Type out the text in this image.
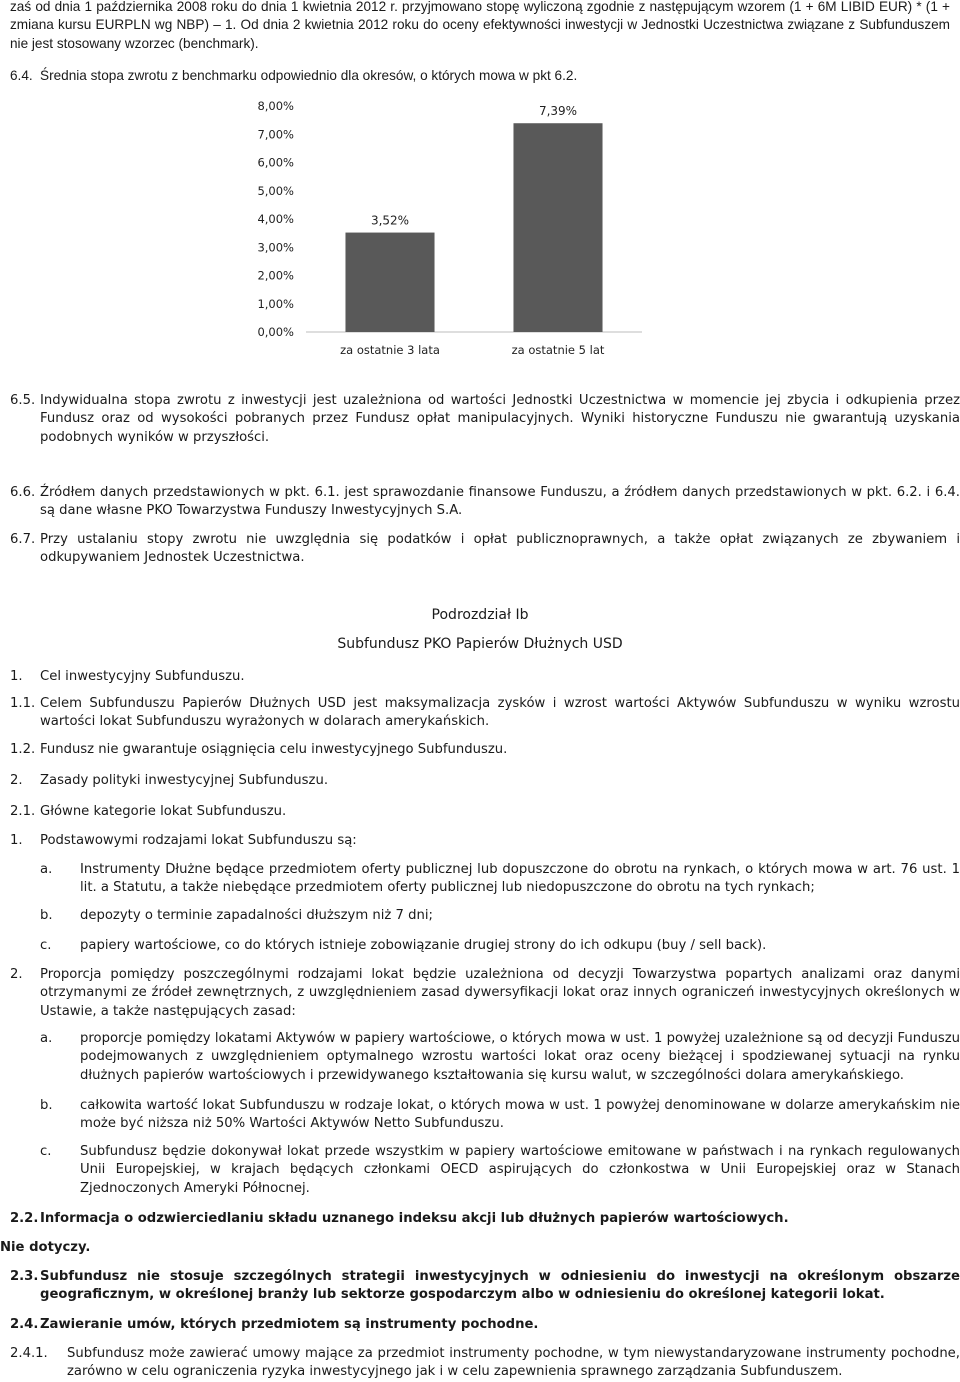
zaś od dnia 1 października 2008 roku do dnia 1 kwietnia 2012 r. przyjmowano stopę wyliczoną zgodnie z następującym wzorem (1 + 6M LIBID EUR) * (1 + zmiana kursu EURPLN wg NBP) – 1. Od dnia 2 kwietnia 2012 roku do oceny efektywności inwestycji w Jednostki Uczestnictwa związane z Subfunduszem nie jest stosowany wzorzec (benchmark).

6.4. Średnia stopa zwrotu z benchmarku odpowiednio dla okresów, o których mowa w pkt 6.2.
0,00%
1,00%
2,00%
3,00%
4,00%
5,00%
6,00%
7,00%
8,00%
3,52%
za ostatnie 3 lata
7,39%
za ostatnie 5 lat
6.5. Indywidualna stopa zwrotu z inwestycji jest uzależniona od wartości Jednostki Uczestnictwa w momencie jej zbycia i odkupienia przez Fundusz oraz od wysokości pobranych przez Fundusz opłat manipulacyjnych. Wyniki historyczne Funduszu nie gwarantują uzyskania podobnych wyników w przyszłości.

6.6. Źródłem danych przedstawionych w pkt. 6.1. jest sprawozdanie finansowe Funduszu, a źródłem danych przedstawionych w pkt. 6.2. i 6.4. są dane własne PKO Towarzystwa Funduszy Inwestycyjnych S.A.

6.7. Przy ustalaniu stopy zwrotu nie uwzględnia się podatków i opłat publicznoprawnych, a także opłat związanych ze zbywaniem i odkupywaniem Jednostek Uczestnictwa.

Podrozdział Ib
Subfundusz PKO Papierów Dłużnych USD
1. Cel inwestycyjny Subfunduszu.
1.1. Celem Subfunduszu Papierów Dłużnych USD jest maksymalizacja zysków i wzrost wartości Aktywów Subfunduszu w wyniku wzrostu wartości lokat Subfunduszu wyrażonych w dolarach amerykańskich.

1.2. Fundusz nie gwarantuje osiągnięcia celu inwestycyjnego Subfunduszu.
2. Zasady polityki inwestycyjnej Subfunduszu.
2.1. Główne kategorie lokat Subfunduszu.
1. Podstawowymi rodzajami lokat Subfunduszu są:
a. Instrumenty Dłużne będące przedmiotem oferty publicznej lub dopuszczone do obrotu na rynkach, o których mowa w art. 76 ust. 1 lit. a Statutu, a także niebędące przedmiotem oferty publicznej lub niedopuszczone do obrotu na tych rynkach;

b. depozyty o terminie zapadalności dłuższym niż 7 dni;
c. papiery wartościowe, co do których istnieje zobowiązanie drugiej strony do ich odkupu (buy / sell back).
2. Proporcja pomiędzy poszczególnymi rodzajami lokat będzie uzależniona od decyzji Towarzystwa popartych analizami oraz danymi otrzymanymi ze źródeł zewnętrznych, z uwzględnieniem zasad dywersyfikacji lokat oraz innych ograniczeń inwestycyjnych określonych w Ustawie, a także następujących zasad:

a. proporcje pomiędzy lokatami Aktywów w papiery wartościowe, o których mowa w ust. 1 powyżej uzależnione są od decyzji Funduszu podejmowanych z uwzględnieniem optymalnego wzrostu wartości lokat oraz oceny bieżącej i spodziewanej sytuacji na rynku dłużnych papierów wartościowych i przewidywanego kształtowania się kursu walut, w szczególności dolara amerykańskiego.

b. całkowita wartość lokat Subfunduszu w rodzaje lokat, o których mowa w ust. 1 powyżej denominowane w dolarze amerykańskim nie może być niższa niż 50% Wartości Aktywów Netto Subfunduszu.

c. Subfundusz będzie dokonywał lokat przede wszystkim w papiery wartościowe emitowane w państwach i na rynkach regulowanych Unii Europejskiej, w krajach będących członkami OECD aspirujących do członkostwa w Unii Europejskiej oraz w Stanach Zjednoczonych Ameryki Północnej.

2.2. Informacja o odzwierciedlaniu składu uznanego indeksu akcji lub dłużnych papierów wartościowych.
Nie dotyczy.
2.3. Subfundusz nie stosuje szczególnych strategii inwestycyjnych w odniesieniu do inwestycji na określonym obszarze geograficznym, w określonej branży lub sektorze gospodarczym albo w odniesieniu do określonej kategorii lokat.

2.4. Zawieranie umów, których przedmiotem są instrumenty pochodne.
2.4.1. Subfundusz może zawierać umowy mające za przedmiot instrumenty pochodne, w tym niewystandaryzowane instrumenty pochodne, zarówno w celu ograniczenia ryzyka inwestycyjnego jak i w celu zapewnienia sprawnego zarządzania Subfunduszem.
